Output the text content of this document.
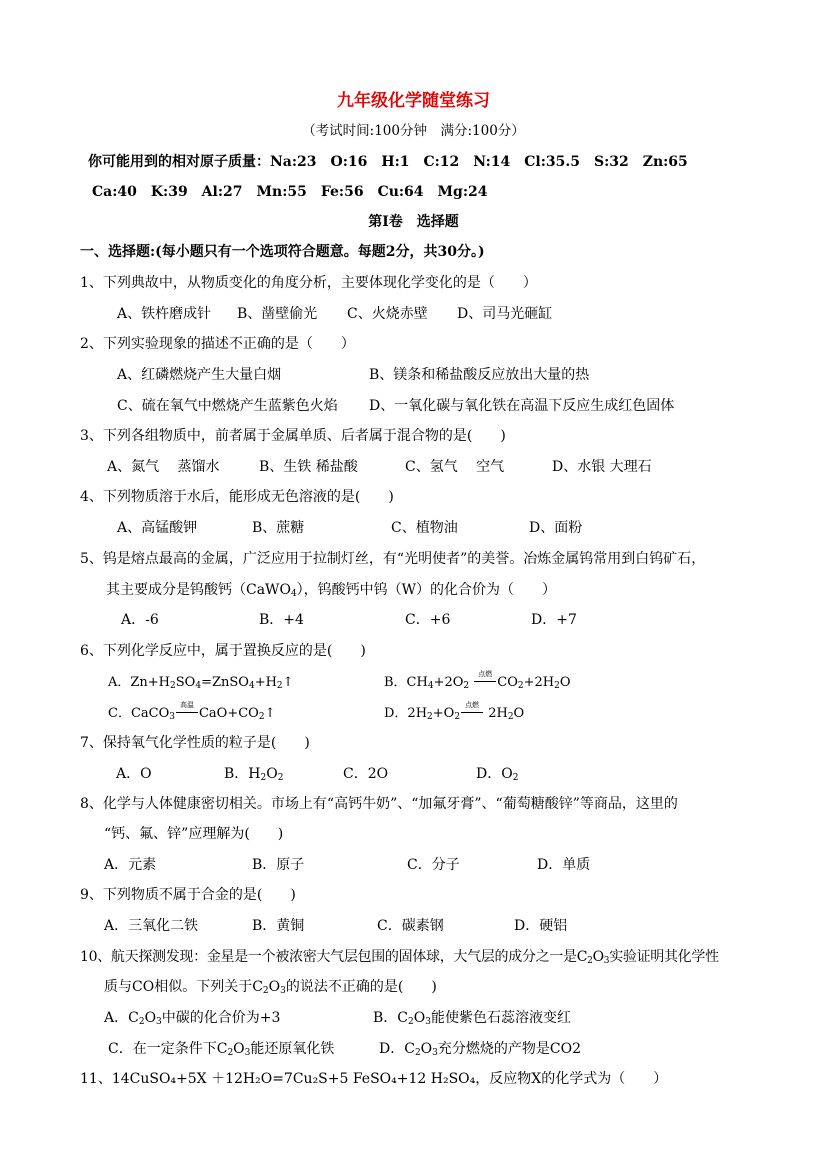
九年级化学随堂练习
（考试时间:100分钟　满分:100分）
你可能用到的相对原子质量：Na:23　O:16　H:1　C:12　N:14　Cl:35.5　S:32　Zn:65
Ca:40　K:39　Al:27　Mn:55　Fe:56　Cu:64　Mg:24
第Ⅰ卷　选择题
一、选择题:(每小题只有一个选项符合题意。每题2分，共30分。)
1、下列典故中，从物质变化的角度分析，主要体现化学变化的是（　　）
A、铁杵磨成针 B、凿壁偷光 C、火烧赤壁 D、司马光砸缸
2、下列实验现象的描述不正确的是（　　）
A、红磷燃烧产生大量白烟	B、镁条和稀盐酸反应放出大量的热
C、硫在氧气中燃烧产生蓝紫色火焰 D、一氧化碳与氧化铁在高温下反应生成红色固体
3、下列各组物质中，前者属于金属单质、后者属于混合物的是(　　)
A、氮气　 蒸馏水	B、生铁 稀盐酸	C、氢气　 空气	D、水银 大理石
4、下列物质溶于水后，能形成无色溶液的是(　　)
A、高锰酸钾	B、蔗糖	C、植物油	D、面粉
5、钨是熔点最高的金属，广泛应用于拉制灯丝，有“光明使者”的美誉。冶炼金属钨常用到白钨矿石，
其主要成分是钨酸钙（CaWO$_4$），钨酸钙中钨（W）的化合价为（　　）
A．-6	B．+4	C．+6	D．+7
6、下列化学反应中，属于置换反应的是(　　)
A．$Zn+H_2SO_4=ZnSO_4+H_2↑$	B．$CH_4+2O_2$
点燃
$CO_2+2H_2O$
C．CaCO$_3$
高温
$CaO+CO_2↑$	D．$2H_2+O_2$
点燃
$2H_2O$
7、保持氧气化学性质的粒子是(　　)
A．O	B．$H_2O_2$	C．2O	D．$O_2$
8、化学与人体健康密切相关。市场上有“高钙牛奶”、“加氟牙膏”、“葡萄糖酸锌”等商品，这里的
“钙、氟、锌”应理解为(　　)
A．元素	B．原子	C．分子	D．单质
9、下列物质不属于合金的是(　　)
A．三氧化二铁	B．黄铜	C．碳素钢	D．硬铝
10、航天探测发现：金星是一个被浓密大气层包围的固体球，大气层的成分之一是$C_2O_3$实验证明其化学性
质与CO相似。下列关于$C_2O_3$的说法不正确的是(　　)
A．$C_2O_3$中碳的化合价为+3	B．$C_2O_3$能使紫色石蕊溶液变红
C．在一定条件下$C_2O_3$能还原氧化铁	D．$C_2O_3$充分燃烧的产物是CO2
11、14CuSO₄+5X ＋12H₂O=7Cu₂S+5 FeSO₄+12 H₂SO₄，反应物X的化学式为（　　）
